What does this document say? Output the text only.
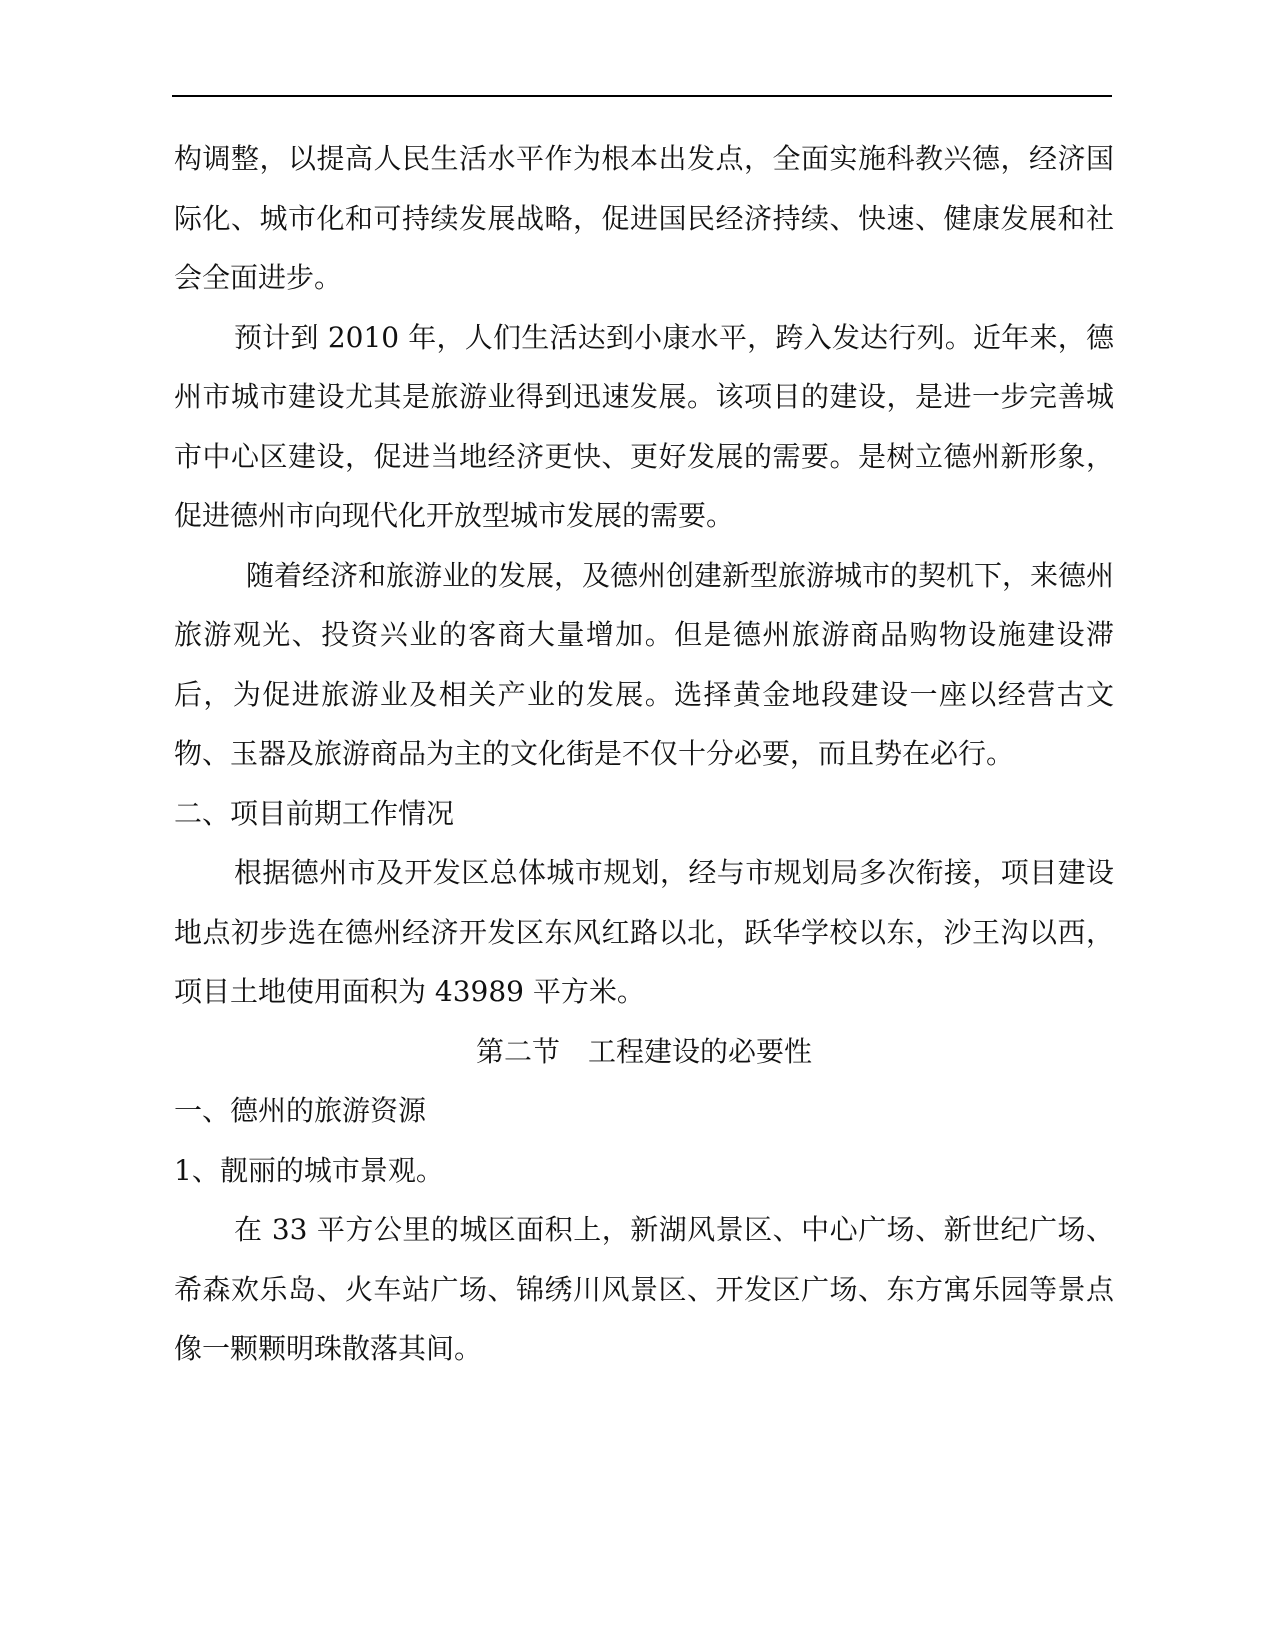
构调整，以提高人民生活水平作为根本出发点，全面实施科教兴德，经济国际化、城市化和可持续发展战略，促进国民经济持续、快速、健康发展和社会全面进步。

预计到 2010 年，人们生活达到小康水平，跨入发达行列。近年来，德州市城市建设尤其是旅游业得到迅速发展。该项目的建设，是进一步完善城市中心区建设，促进当地经济更快、更好发展的需要。是树立德州新形象，促进德州市向现代化开放型城市发展的需要。

随着经济和旅游业的发展，及德州创建新型旅游城市的契机下，来德州旅游观光、投资兴业的客商大量增加。但是德州旅游商品购物设施建设滞后，为促进旅游业及相关产业的发展。选择黄金地段建设一座以经营古文物、玉器及旅游商品为主的文化街是不仅十分必要，而且势在必行。

二、项目前期工作情况

根据德州市及开发区总体城市规划，经与市规划局多次衔接，项目建设地点初步选在德州经济开发区东风红路以北，跃华学校以东，沙王沟以西，项目土地使用面积为 43989 平方米。

第二节　工程建设的必要性

一、德州的旅游资源

1、靓丽的城市景观。

在 33 平方公里的城区面积上，新湖风景区、中心广场、新世纪广场、希森欢乐岛、火车站广场、锦绣川风景区、开发区广场、东方寓乐园等景点像一颗颗明珠散落其间。
